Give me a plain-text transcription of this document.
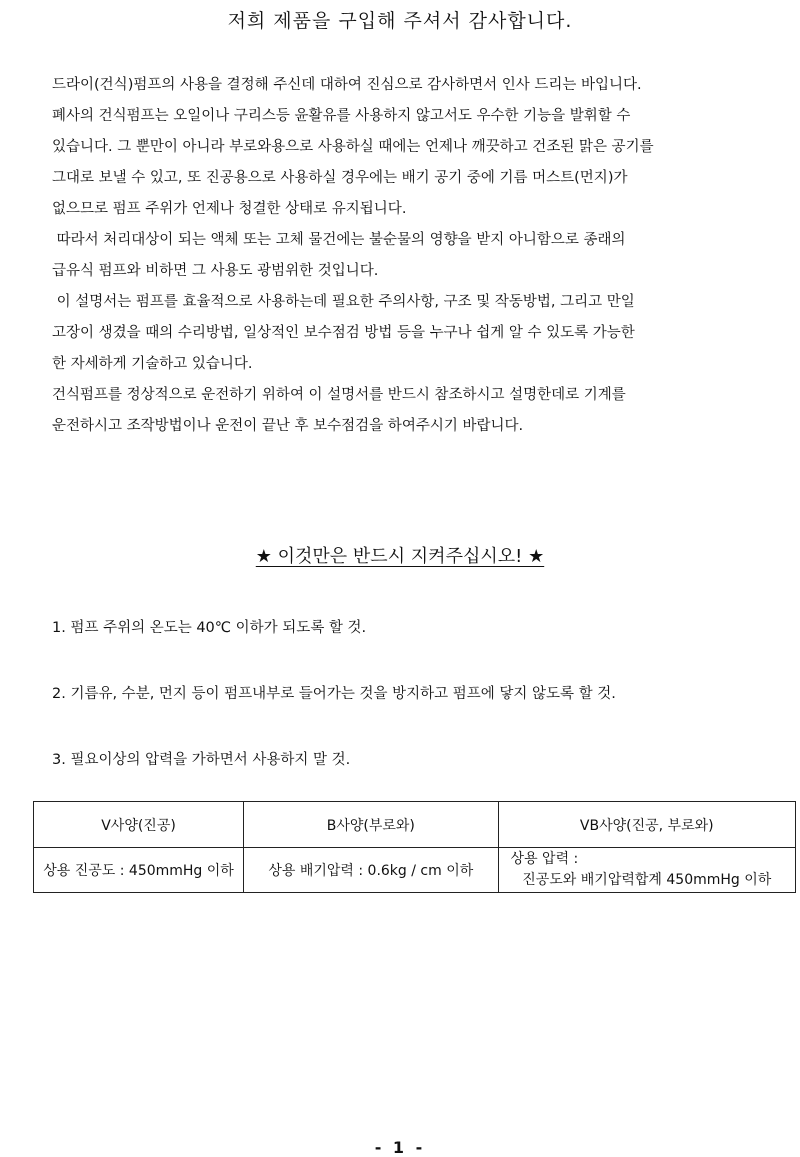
저희 제품을 구입해 주셔서 감사합니다.

드라이(건식)펌프의 사용을 결정해 주신데 대하여 진심으로 감사하면서 인사 드리는 바입니다.

폐사의 건식펌프는 오일이나 구리스등 윤활유를 사용하지 않고서도 우수한 기능을 발휘할 수

있습니다. 그 뿐만이 아니라 부로와용으로 사용하실 때에는 언제나 깨끗하고 건조된 맑은 공기를

그대로 보낼 수 있고, 또 진공용으로 사용하실 경우에는 배기 공기 중에 기름 머스트(먼지)가

없으므로 펌프 주위가 언제나 청결한 상태로 유지됩니다.

따라서 처리대상이 되는 액체 또는 고체 물건에는 불순물의 영향을 받지 아니함으로 종래의

급유식 펌프와 비하면 그 사용도 광범위한 것입니다.

이 설명서는 펌프를 효율적으로 사용하는데 필요한 주의사항, 구조 및 작동방법, 그리고 만일

고장이 생겼을 때의 수리방법, 일상적인 보수점검 방법 등을 누구나 쉽게 알 수 있도록 가능한

한 자세하게 기술하고 있습니다.

건식펌프를 정상적으로 운전하기 위하여 이 설명서를 반드시 참조하시고 설명한데로 기계를

운전하시고 조작방법이나 운전이 끝난 후 보수점검을 하여주시기 바랍니다.

★ 이것만은 반드시 지켜주십시오! ★

1. 펌프 주위의 온도는 40℃ 이하가 되도록 할 것.

2. 기름유, 수분, 먼지 등이 펌프내부로 들어가는 것을 방지하고 펌프에 닿지 않도록 할 것.

3. 필요이상의 압력을 가하면서 사용하지 말 것.

V사양(진공)	B사양(부로와)	VB사양(진공, 부로와)
상용 진공도 : 450mmHg 이하	상용 배기압력 : 0.6kg / cm 이하	상용 압력 :
진공도와 배기압력합계 450mmHg 이하
- 1 -
